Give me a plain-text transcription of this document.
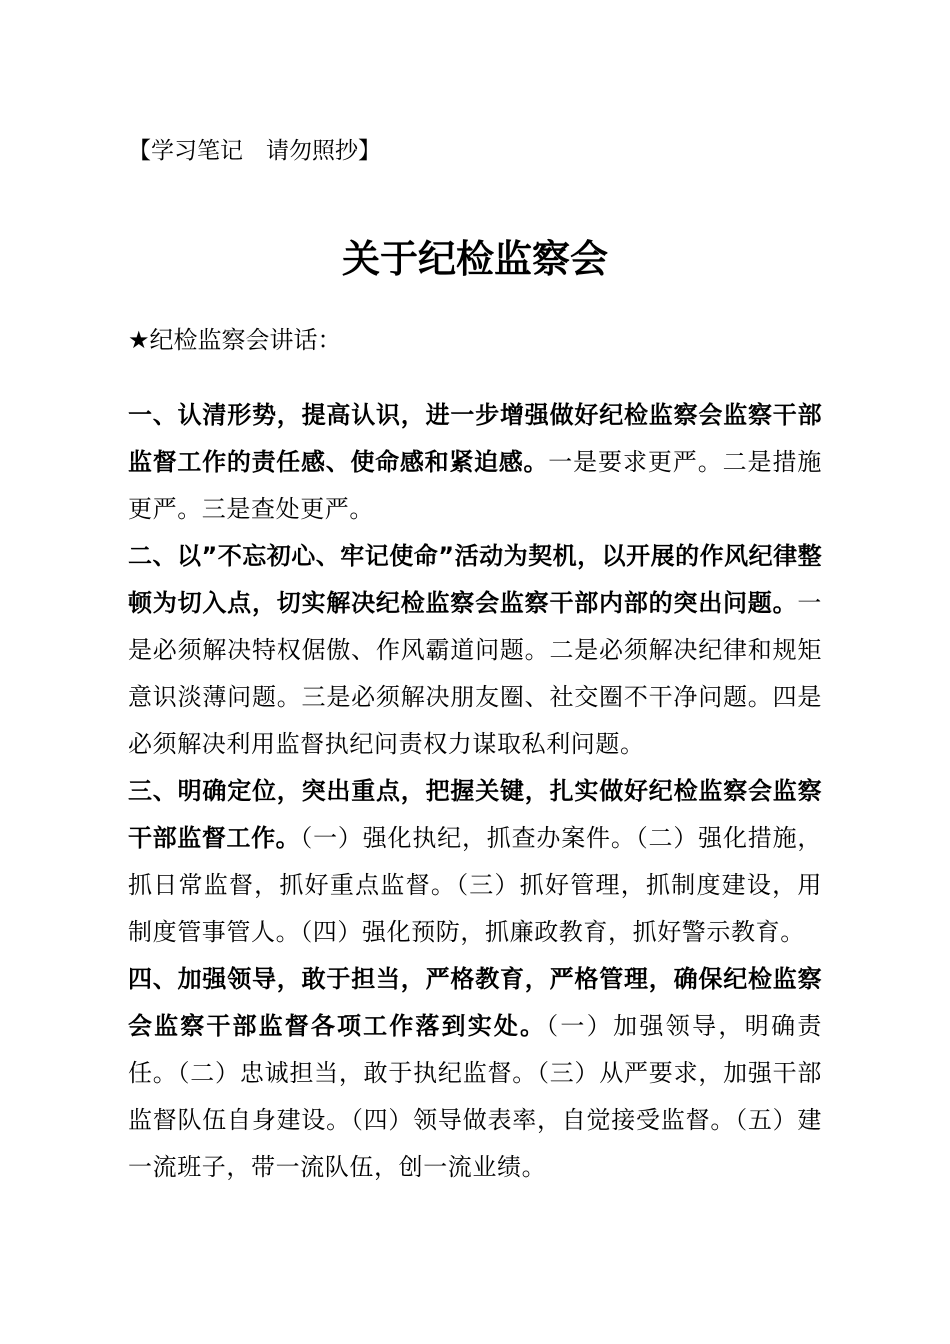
【学习笔记　请勿照抄】
关于纪检监察会
★纪检监察会讲话：

一、认清形势，提高认识，进一步增强做好纪检监察会监察干部监督工作的责任感、使命感和紧迫感。一是要求更严。二是措施更严。三是查处更严。

二、以”不忘初心、牢记使命”活动为契机，以开展的作风纪律整顿为切入点，切实解决纪检监察会监察干部内部的突出问题。一是必须解决特权倨傲、作风霸道问题。二是必须解决纪律和规矩意识淡薄问题。三是必须解决朋友圈、社交圈不干净问题。四是必须解决利用监督执纪问责权力谋取私利问题。

三、明确定位，突出重点，把握关键，扎实做好纪检监察会监察干部监督工作。（一）强化执纪，抓查办案件。（二）强化措施，抓日常监督，抓好重点监督。（三）抓好管理，抓制度建设，用制度管事管人。（四）强化预防，抓廉政教育，抓好警示教育。

四、加强领导，敢于担当，严格教育，严格管理，确保纪检监察会监察干部监督各项工作落到实处。（一）加强领导，明确责任。（二）忠诚担当，敢于执纪监督。（三）从严要求，加强干部监督队伍自身建设。（四）领导做表率，自觉接受监督。（五）建一流班子，带一流队伍，创一流业绩。
